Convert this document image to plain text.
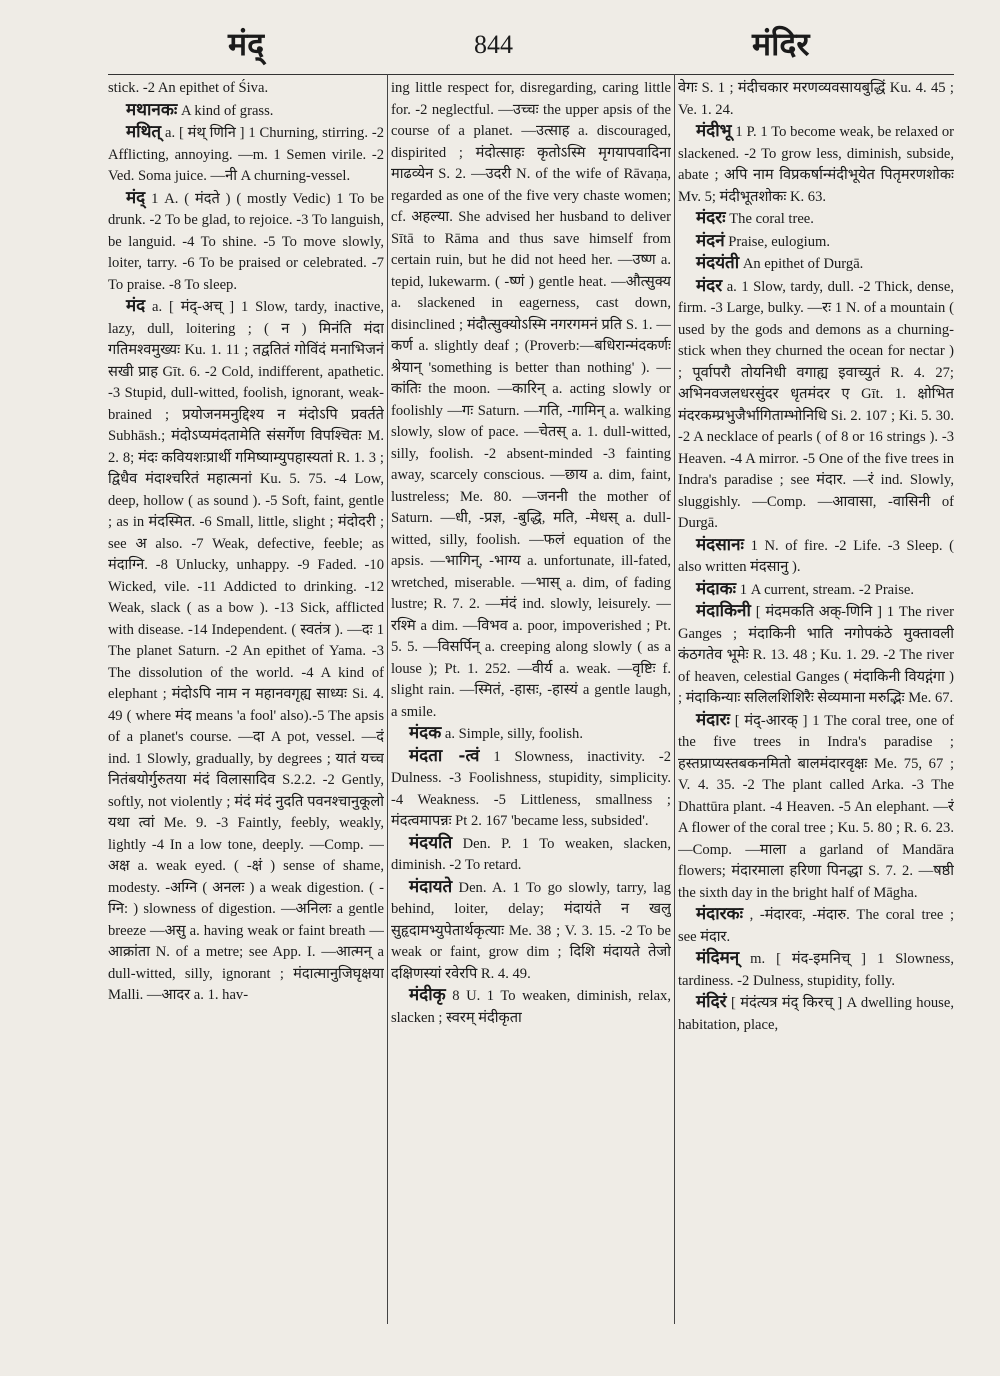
मंद्	844	मंदिर

stick. -2 An epithet of Śiva.

मथानकः A kind of grass.

मथित् a. [ मंथ् णिनि ] 1 Churning, stirring. -2 Afflicting, annoying. —m. 1 Semen virile. -2 Ved. Soma juice. —नी A churning-vessel.

मंद् 1 A. ( मंदते ) ( mostly Vedic) 1 To be drunk. -2 To be glad, to rejoice. -3 To languish, be languid. -4 To shine. -5 To move slowly, loiter, tarry. -6 To be praised or celebrated. -7 To praise. -8 To sleep.

मंद a. [ मंद्-अच् ] 1 Slow, tardy, inactive, lazy, dull, loitering ; ( न ) मिनंति मंदा गतिमश्वमुख्यः Ku. 1. 11 ; तद्वतितं गोविंदं मनाभिजनं सखी प्राह Gīt. 6. -2 Cold, indifferent, apathetic. -3 Stupid, dull-witted, foolish, ignorant, weak-brained ; प्रयोजनमनुद्दिश्य न मंदोऽपि प्रवर्तते Subhāsh.; मंदोऽप्यमंदतामेति संसर्गेण विपश्चितः M. 2. 8; मंदः कवियशःप्रार्थी गमिष्याम्युपहास्यतां R. 1. 3 ; द्विधैव मंदाश्चरितं महात्मनां Ku. 5. 75. -4 Low, deep, hollow ( as sound ). -5 Soft, faint, gentle ; as in मंदस्मित. -6 Small, little, slight ; मंदोदरी ; see अ also. -7 Weak, defective, feeble; as मंदाग्नि. -8 Unlucky, unhappy. -9 Faded. -10 Wicked, vile. -11 Addicted to drinking. -12 Weak, slack ( as a bow ). -13 Sick, afflicted with disease. -14 Independent. ( स्वतंत्र ). —दः 1 The planet Saturn. -2 An epithet of Yama. -3 The dissolution of the world. -4 A kind of elephant ; मंदोऽपि नाम न महानवगृह्य साध्यः Si. 4. 49 ( where मंद means 'a fool' also).-5 The apsis of a planet's course. —दा A pot, vessel. —दं ind. 1 Slowly, gradually, by degrees ; यातं यच्च नितंबयोर्गुरुतया मंदं विलासादिव S.2.2. -2 Gently, softly, not violently ; मंदं मंदं नुदति पवनश्चानुकूलो यथा त्वां Me. 9. -3 Faintly, feebly, weakly, lightly -4 In a low tone, deeply. —Comp. —अक्ष a. weak eyed. ( -क्षं ) sense of shame, modesty. -अग्नि ( अनलः ) a weak digestion. ( -ग्नि: ) slowness of digestion. —अनिलः a gentle breeze —असु a. having weak or faint breath —आक्रांता N. of a metre; see App. I. —आत्मन् a dull-witted, silly, ignorant ; मंदात्मानुजिघृक्षया Malli. —आदर a. 1. hav-

ing little respect for, disregarding, caring little for. -2 neglectful. —उच्चः the upper apsis of the course of a planet. —उत्साह a. discouraged, dispirited ; मंदोत्साहः कृतोऽस्मि मृगयापवादिना माढव्येन S. 2. —उदरी N. of the wife of Rāvaṇa, regarded as one of the five very chaste women; cf. अहल्या. She advised her husband to deliver Sītā to Rāma and thus save himself from certain ruin, but he did not heed her. —उष्ण a. tepid, lukewarm. ( -ष्णं ) gentle heat. —औत्सुक्य a. slackened in eagerness, cast down, disinclined ; मंदौत्सुक्योऽस्मि नगरगमनं प्रति S. 1. —कर्ण a. slightly deaf ; (Proverb:—बधिरान्मंदकर्णः श्रेयान् 'something is better than nothing' ). —कांतिः the moon. —कारिन् a. acting slowly or foolishly —गः Saturn. —गति, -गामिन् a. walking slowly, slow of pace. —चेतस् a. 1. dull-witted, silly, foolish. -2 absent-minded -3 fainting away, scarcely conscious. —छाय a. dim, faint, lustreless; Me. 80. —जननी the mother of Saturn. —धी, -प्रज्ञ, -बुद्धि, मति, -मेधस् a. dull-witted, silly, foolish. —फलं equation of the apsis. —भागिन्, -भाग्य a. unfortunate, ill-fated, wretched, miserable. —भास् a. dim, of fading lustre; R. 7. 2. —मंदं ind. slowly, leisurely. —रश्मि a dim. —विभव a. poor, impoverished ; Pt. 5. 5. —विसर्पिन् a. creeping along slowly ( as a louse ); Pt. 1. 252. —वीर्य a. weak. —वृष्टिः f. slight rain. —स्मितं, -हासः, -हास्यं a gentle laugh, a smile.

मंदक a. Simple, silly, foolish.

मंदता -त्वं 1 Slowness, inactivity. -2 Dulness. -3 Foolishness, stupidity, simplicity. -4 Weakness. -5 Littleness, smallness ; मंदत्वमापन्नः Pt 2. 167 'became less, subsided'.

मंदयति Den. P. 1 To weaken, slacken, diminish. -2 To retard.

मंदायते Den. A. 1 To go slowly, tarry, lag behind, loiter, delay; मंदायंते न खलु सुहृदामभ्युपेतार्थकृत्याः Me. 38 ; V. 3. 15. -2 To be weak or faint, grow dim ; दिशि मंदायते तेजो दक्षिणस्यां रवेरपि R. 4. 49.

मंदीकृ 8 U. 1 To weaken, diminish, relax, slacken ; स्वरम् मंदीकृता

वेगः S. 1 ; मंदीचकार मरणव्यवसायबुद्धिं Ku. 4. 45 ; Ve. 1. 24.

मंदीभू 1 P. 1 To become weak, be relaxed or slackened. -2 To grow less, diminish, subside, abate ; अपि नाम विप्रकर्षान्मंदीभूयेत पितृमरणशोकः Mv. 5; मंदीभूतशोकः K. 63.

मंदरः The coral tree.

मंदनं Praise, eulogium.

मंदयंती An epithet of Durgā.

मंदर a. 1 Slow, tardy, dull. -2 Thick, dense, firm. -3 Large, bulky. —रः 1 N. of a mountain ( used by the gods and demons as a churning-stick when they churned the ocean for nectar ) ; पूर्वापरौ तोयनिधी वगाह्य इवाच्युतं R. 4. 27; अभिनवजलधरसुंदर धृतमंदर ए Gīt. 1. क्षोभित मंदरकम्प्रभुजैर्भागिताम्भोनिधि Si. 2. 107 ; Ki. 5. 30. -2 A necklace of pearls ( of 8 or 16 strings ). -3 Heaven. -4 A mirror. -5 One of the five trees in Indra's paradise ; see मंदार. —रं ind. Slowly, sluggishly. —Comp. —आवासा, -वासिनी of Durgā.

मंदसानः 1 N. of fire. -2 Life. -3 Sleep. ( also written मंदसानु ).

मंदाकः 1 A current, stream. -2 Praise.

मंदाकिनी [ मंदमकति अक्-णिनि ] 1 The river Ganges ; मंदाकिनी भाति नगोपकंठे मुक्तावली कंठगतेव भूमेः R. 13. 48 ; Ku. 1. 29. -2 The river of heaven, celestial Ganges ( मंदाकिनी वियद्गंगा ) ; मंदाकिन्याः सलिलशिशिरैः सेव्यमाना मरुद्भिः Me. 67.

मंदारः [ मंद्-आरक् ] 1 The coral tree, one of the five trees in Indra's paradise ; हस्तप्राप्यस्तबकनमितो बालमंदारवृक्षः Me. 75, 67 ; V. 4. 35. -2 The plant called Arka. -3 The Dhattūra plant. -4 Heaven. -5 An elephant. —रं A flower of the coral tree ; Ku. 5. 80 ; R. 6. 23. —Comp. —माला a garland of Mandāra flowers; मंदारमाला हरिणा पिनद्धा S. 7. 2. —षष्ठी the sixth day in the bright half of Māgha.

मंदारकः , -मंदारवः, -मंदारु. The coral tree ; see मंदार.

मंदिमन् m. [ मंद-इमनिच् ] 1 Slowness, tardiness. -2 Dulness, stupidity, folly.

मंदिरं [ मंदंत्यत्र मंद् किरच् ] A dwelling house, habitation, place,
